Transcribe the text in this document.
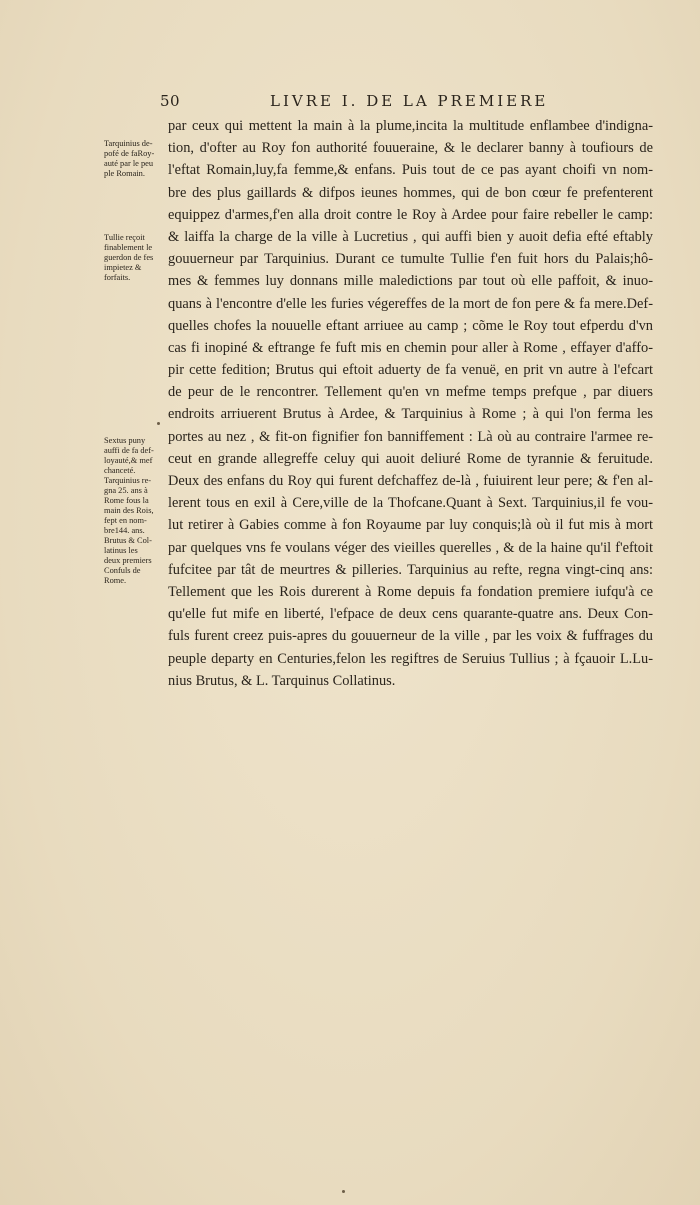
50	LIVRE I. DE LA PREMIERE
par ceux qui mettent la main à la plume,incita la multitude enflambee d'indigna-
tion, d'ofter au Roy fon authorité fouueraine, & le declarer banny à toufiours de
l'eftat Romain,luy,fa femme,& enfans. Puis tout de ce pas ayant choifi vn nom-
bre des plus gaillards & difpos ieunes hommes, qui de bon cœur fe prefenterent
equippez d'armes,f'en alla droit contre le Roy à Ardee pour faire rebeller le camp:
& laiffa la charge de la ville à Lucretius , qui auffi bien y auoit defia efté eftably
gouuerneur par Tarquinius. Durant ce tumulte Tullie f'en fuit hors du Palais;hô-
mes & femmes luy donnans mille maledictions par tout où elle paffoit, & inuo-
quans à l'encontre d'elle les furies végereffes de la mort de fon pere & fa mere.Def-
quelles chofes la nouuelle eftant arriuee au camp ; cõme le Roy tout efperdu d'vn
cas fi inopiné & eftrange fe fuft mis en chemin pour aller à Rome , effayer d'affo-
pir cette fedition; Brutus qui eftoit aduerty de fa venuë, en prit vn autre à l'efcart
de peur de le rencontrer. Tellement qu'en vn mefme temps prefque , par diuers
endroits arriuerent Brutus à Ardee, & Tarquinius à Rome ; à qui l'on ferma les
portes au nez , & fit-on fignifier fon banniffement : Là où au contraire l'armee re-
ceut en grande allegreffe celuy qui auoit deliuré Rome de tyrannie & feruitude.
Deux des enfans du Roy qui furent defchaffez de-là , fuiuirent leur pere; & f'en al-
lerent tous en exil à Cere,ville de la Thofcane.Quant à Sext. Tarquinius,il fe vou-
lut retirer à Gabies comme à fon Royaume par luy conquis;là où il fut mis à mort
par quelques vns fe voulans véger des vieilles querelles , & de la haine qu'il f'eftoit
fufcitee par tât de meurtres & pilleries. Tarquinius au refte, regna vingt-cinq ans:
Tellement que les Rois durerent à Rome depuis fa fondation premiere iufqu'à ce
qu'elle fut mife en liberté, l'efpace de deux cens quarante-quatre ans. Deux Con-
fuls furent creez puis-apres du gouuerneur de la ville , par les voix & fuffrages du
peuple departy en Centuries,felon les regiftres de Seruius Tullius ; à fçauoir L.Lu-
nius Brutus, & L. Tarquinus Collatinus.
Tarquinius de-
pofé de faRoy-
auté par le peu
ple Romain.
Tullie reçoit
finablement le
guerdon de fes
impietez &
forfaits.
Sextus puny
auffi de fa def-
loyauté,& mef
chanceté.
Tarquinius re-
gna 25. ans à
Rome fous la
main des Rois,
fept en nom-
bre144. ans.
Brutus & Col-
latinus les
deux premiers
Confuls de
Rome.
